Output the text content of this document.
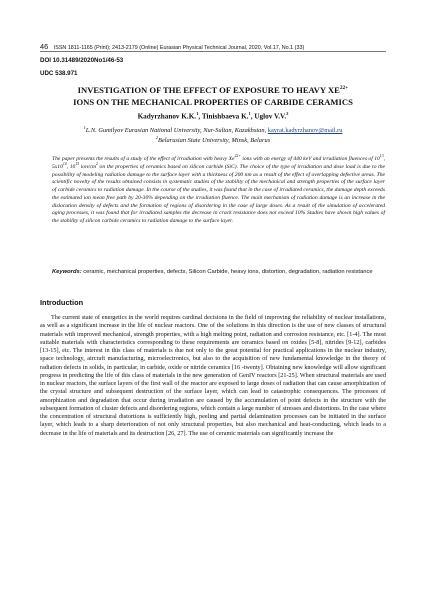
46 ISSN 1811-1165 (Print); 2413-2179 (Online) Eurasian Physical Technical Journal, 2020, Vol.17, No.1 (33)
DOI 10.31489/2020No1/46-53
UDC 538.971
INVESTIGATION OF THE EFFECT OF EXPOSURE TO HEAVY $XE^{22+}$
IONS ON THE MECHANICAL PROPERTIES OF CARBIDE CERAMICS
Kadyrzhanov K.K.$^1$, Tinishbaeva K.$^1$, Uglov V.V.$^2$
$^1$L.N. Gumilyov Eurasian National University, Nur-Sultan, Kazakhstan, kayrat.kadyrzhanov@mail.ru
$^2$Belarusian State University, Minsk, Belarus
The paper presents the results of a study of the effect of irradiation with heavy $Xe^{22+}$ ions with an energy of 440 keV and irradiation fluences of $10^{13}$, $5x10^{14}$, $10^{15}$ ion/$cm^2$ on the properties of ceramics based on silicon carbide (SiC). The choice of the type of irradiation and dose load is due to the possibility of modeling radiation damage to the surface layer with a thickness of 200 nm as a result of the effect of overlapping defective areas. The scientific novelty of the results obtained consists in systematic studies of the stability of the mechanical and strength properties of the surface layer of carbide ceramics to radiation damage. In the course of the studies, it was found that in the case of irradiated ceramics, the damage depth exceeds the estimated ion mean free path by 20-30% depending on the irradiation fluence. The main mechanism of radiation damage is an increase in the dislocation density of defects and the formation of regions of disordering in the case of large doses. As a result of the simulation of accelerated aging processes, it was found that for irradiated samples the decrease in crack resistance does not exceed 10% Studies have shown high values of the stability of silicon carbide ceramics to radiation damage to the surface layer.
Keywords: ceramic, mechanical properties, defects, Silicon Carbide, heavy ions, distortion, degradation, radiation resistance
Introduction
The current state of energetics in the world requires cardinal decisions in the field of improving the reliability of nuclear installations, as well as a significant increase in the life of nuclear reactors. One of the solutions in this direction is the use of new classes of structural materials with improved mechanical, strength properties, with a high melting point, radiation and corrosion resistance, etc. [1-4]. The most suitable materials with characteristics corresponding to these requirements are ceramics based on oxides [5-8], nitrides [9-12], carbides [13-15], etc. The interest in this class of materials is due not only to the great potential for practical applications in the nuclear industry, space technology, aircraft manufacturing, microelectronics, but also to the acquisition of new fundamental knowledge in the theory of radiation defects in solids, in particular, in carbide, oxide or nitride ceramics [16 -twenty]. Obtaining new knowledge will allow significant progress in predicting the life of this class of materials in the new generation of GenIV reactors [21-25]. When structural materials are used in nuclear reactors, the surface layers of the first wall of the reactor are exposed to large doses of radiation that can cause amorphization of the crystal structure and subsequent destruction of the surface layer, which can lead to catastrophic consequences. The processes of amorphization and degradation that occur during irradiation are caused by the accumulation of point defects in the structure with the subsequent formation of cluster defects and disordering regions, which contain a large number of stresses and distortions. In the case where the concentration of structural distortions is sufficiently high, peeling and partial delamination processes can be initiated in the surface layer, which leads to a sharp deterioration of not only structural properties, but also mechanical and heat-conducting, which leads to a decrease in the life of materials and its destruction [26, 27]. The use of ceramic materials can significantly increase the
